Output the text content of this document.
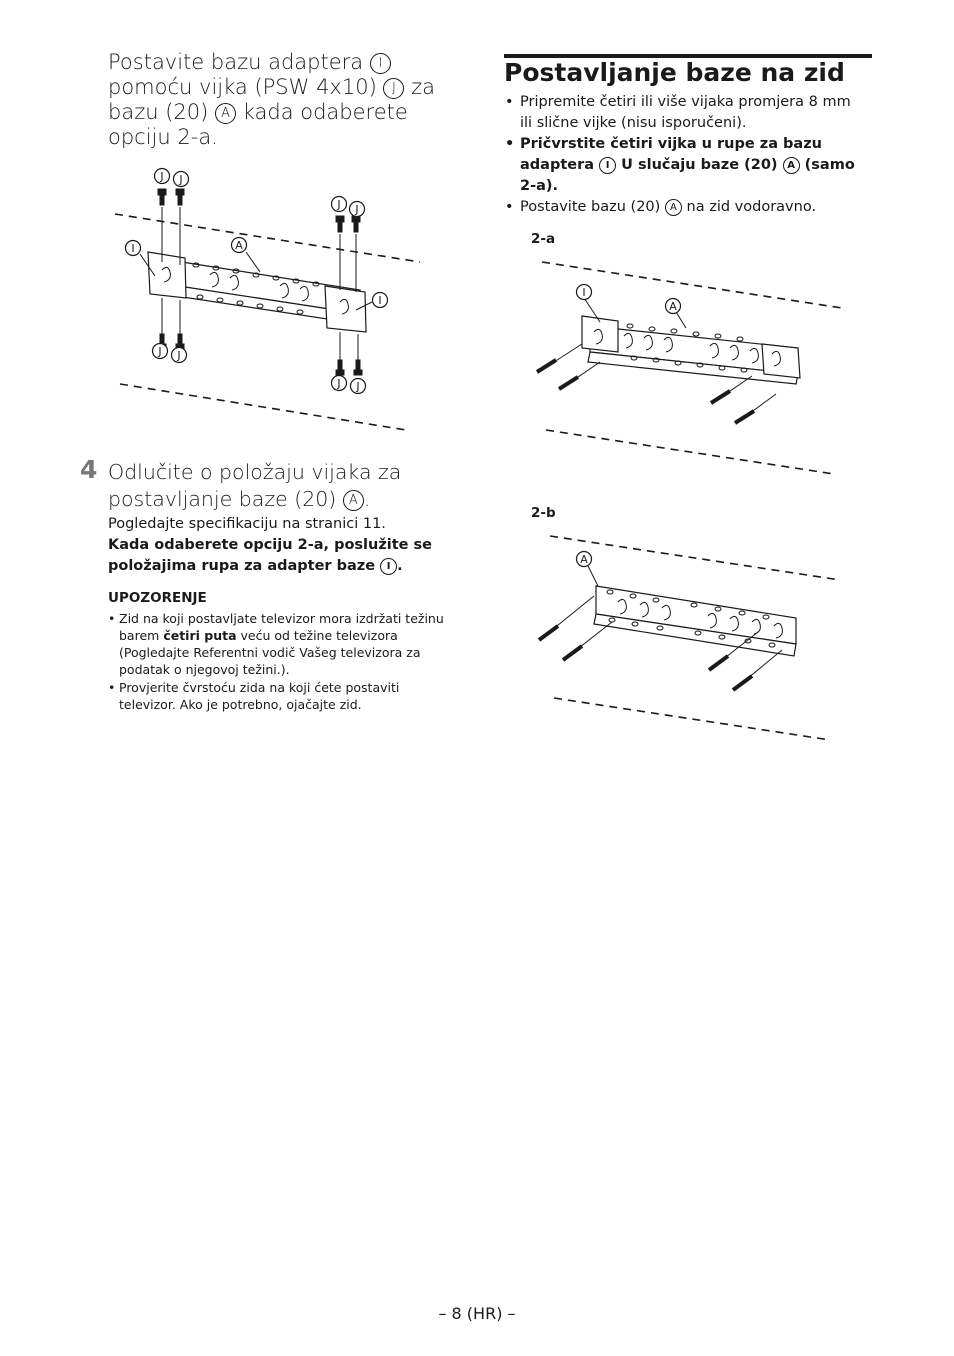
Postavite bazu adaptera I pomoću vijka (PSW 4x10) J za bazu (20) A kada odaberete opciju 2-a.
J J
J J
I	A
I
J J
J J
4 Odlučite o položaju vijaka za postavljanje baze (20) A .
Pogledajte specifikaciju na stranici 11.
Kada odaberete opciju 2-a, poslužite se položajima rupa za adapter baze I .
UPOZORENJE
• Zid na koji postavljate televizor mora izdržati težinu barem četiri puta veću od težine televizora (Pogledajte Referentni vodič Vašeg televizora za podatak o njegovoj težini.).
• Provjerite čvrstoću zida na koji ćete postaviti televizor. Ako je potrebno, ojačajte zid.
Postavljanje baze na zid
• Pripremite četiri ili više vijaka promjera 8 mm ili slične vijke (nisu isporučeni).
• Pričvrstite četiri vijka u rupe za bazu adaptera I U slučaju baze (20) A (samo 2-a).
• Postavite bazu (20) A na zid vodoravno.
2-a
I
A
2-b
A
– 8 (HR) –
